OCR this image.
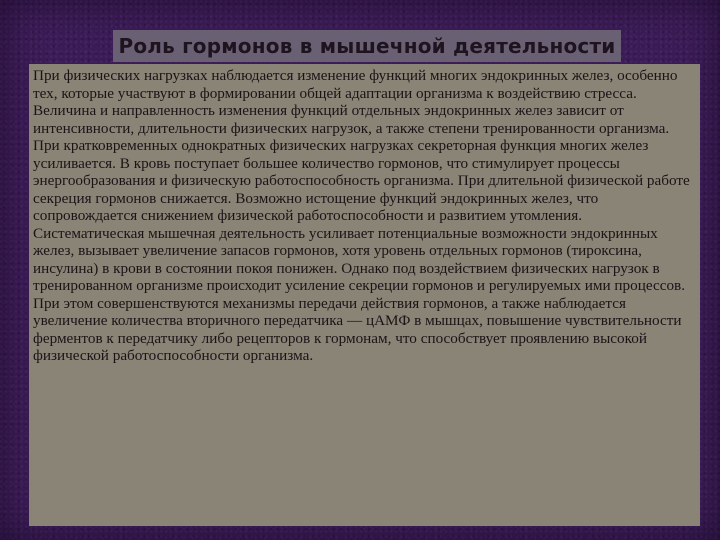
Роль гормонов в мышечной деятельности

При физических нагрузках наблюдается изменение функций многих эндокринных желез, особенно тех, которые участвуют в формировании общей адаптации организма к воздействию стресса.

Величина и направленность изменения функций отдельных эндокринных желез зависит от интенсивности, длительности физических нагрузок, а также степени тренированности организма. При кратковременных однократных физических нагрузках секреторная функция многих желез усиливается. В кровь поступает большее количество гормонов, что стимулирует процессы энергообразования и физическую работоспособность организма. При длительной физической работе секреция гормонов снижается. Возможно истощение функций эндокринных желез, что сопровождается снижением физической работоспособности и развитием утомления.

Систематическая мышечная деятельность усиливает потенциальные возможности эндокринных желез, вызывает увеличение запасов гормонов, хотя уровень отдельных гормонов (тироксина, инсулина) в крови в состоянии покоя понижен. Однако под воздействием физических нагрузок в тренированном организме происходит усиление секреции гормонов и регулируемых ими процессов. При этом совершенствуются механизмы передачи действия гормонов, а также наблюдается увеличение количества вторичного передатчика — цАМФ в мышцах, повышение чувствительности ферментов к передатчику либо рецепторов к гормонам, что способствует проявлению высокой физической работоспособности организма.
